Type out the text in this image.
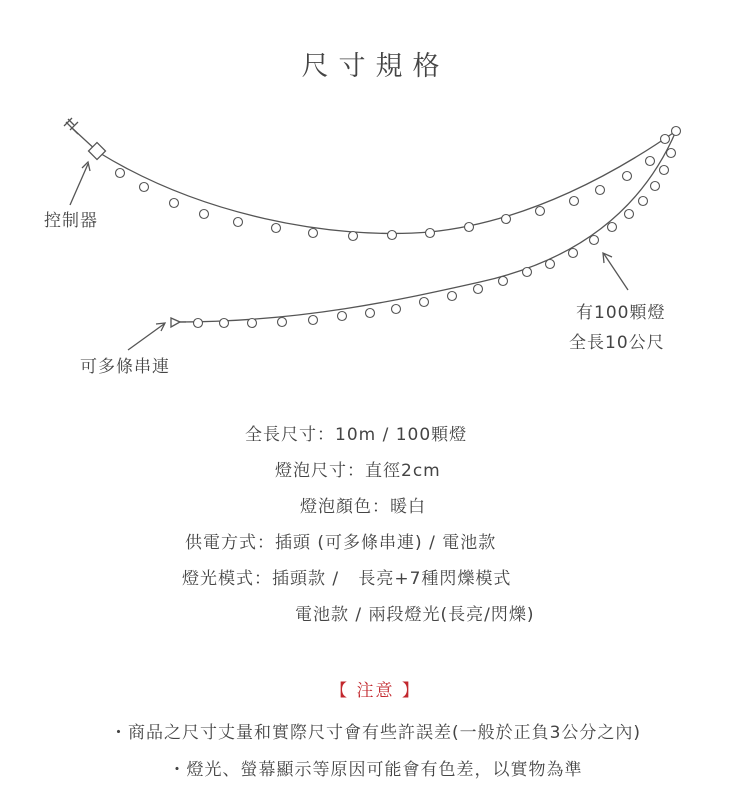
尺寸規格
控制器
可多條串連
有100顆燈
全長10公尺
全長尺寸：10m / 100顆燈
燈泡尺寸：直徑2cm
燈泡顏色：暖白
供電方式：插頭 (可多條串連) / 電池款
燈光模式：插頭款 /   長亮+7種閃爍模式
電池款 / 兩段燈光(長亮/閃爍)
【 注意 】
・商品之尺寸丈量和實際尺寸會有些許誤差(一般於正負3公分之內)
・燈光、螢幕顯示等原因可能會有色差，以實物為準
